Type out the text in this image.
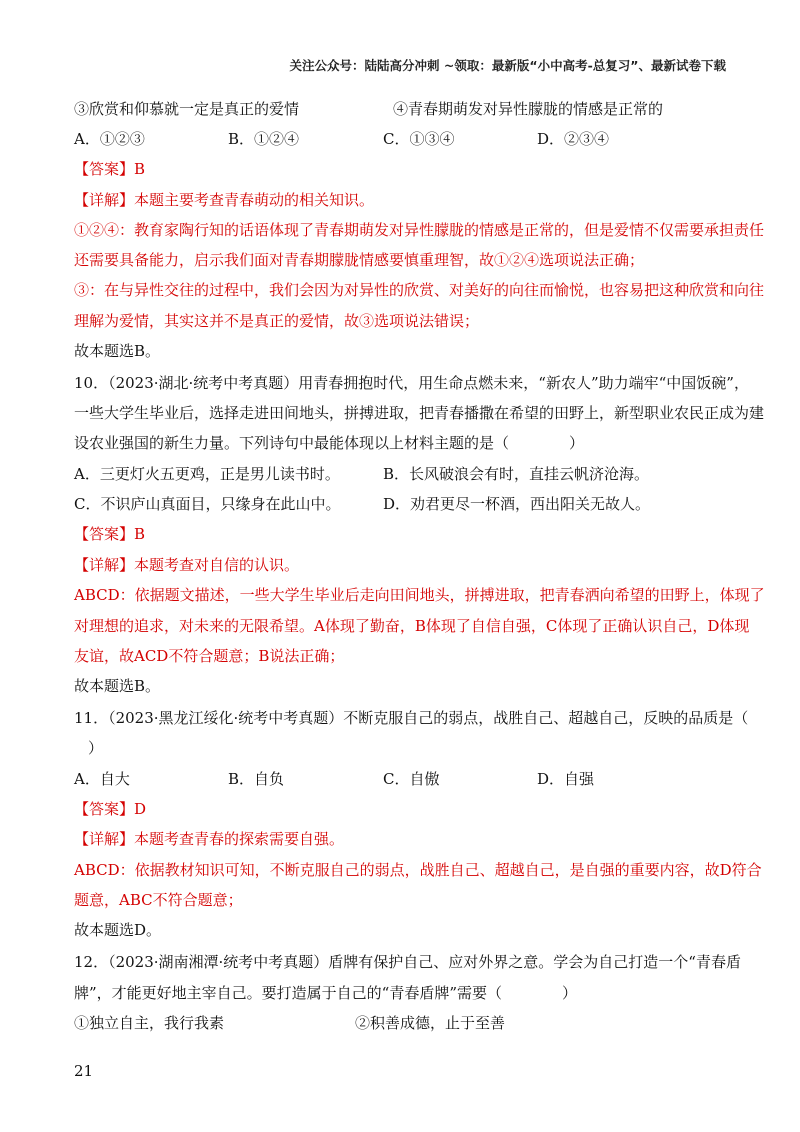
关注公众号：陆陆高分冲刺 ~领取：最新版“小中高考-总复习”、最新试卷下载
③欣赏和仰慕就一定是真正的爱情	④青春期萌发对异性朦胧的情感是正常的
A．①②③	B．①②④	C．①③④	D．②③④
【答案】B
【详解】本题主要考查青春萌动的相关知识。
①②④：教育家陶行知的话语体现了青春期萌发对异性朦胧的情感是正常的，但是爱情不仅需要承担责任
还需要具备能力，启示我们面对青春期朦胧情感要慎重理智，故①②④选项说法正确；
③：在与异性交往的过程中，我们会因为对异性的欣赏、对美好的向往而愉悦，也容易把这种欣赏和向往
理解为爱情，其实这并不是真正的爱情，故③选项说法错误；
故本题选B。
10．（2023·湖北·统考中考真题）用青春拥抱时代，用生命点燃未来，“新农人”助力端牢“中国饭碗”，
一些大学生毕业后，选择走进田间地头，拼搏进取，把青春播撒在希望的田野上，新型职业农民正成为建
设农业强国的新生力量。下列诗句中最能体现以上材料主题的是（　　　　）
A．三更灯火五更鸡，正是男儿读书时。	B．长风破浪会有时，直挂云帆济沧海。
C．不识庐山真面目，只缘身在此山中。	D．劝君更尽一杯酒，西出阳关无故人。
【答案】B
【详解】本题考查对自信的认识。
ABCD：依据题文描述，一些大学生毕业后走向田间地头，拼搏进取，把青春洒向希望的田野上，体现了
对理想的追求，对未来的无限希望。A体现了勤奋，B体现了自信自强，C体现了正确认识自己，D体现
友谊，故ACD不符合题意；B说法正确；
故本题选B。
11．（2023·黑龙江绥化·统考中考真题）不断克服自己的弱点，战胜自己、超越自己，反映的品质是（
）
A．自大	B．自负	C．自傲	D．自强
【答案】D
【详解】本题考查青春的探索需要自强。
ABCD：依据教材知识可知，不断克服自己的弱点，战胜自己、超越自己，是自强的重要内容，故D符合
题意，ABC不符合题意；
故本题选D。
12．（2023·湖南湘潭·统考中考真题）盾牌有保护自己、应对外界之意。学会为自己打造一个“青春盾
牌”，才能更好地主宰自己。要打造属于自己的“青春盾牌”需要（　　　　）
①独立自主，我行我素	②积善成德，止于至善
21
